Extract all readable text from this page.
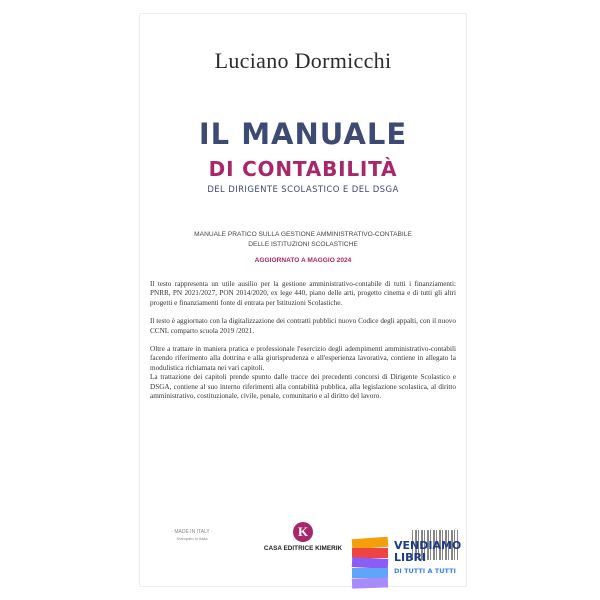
Luciano Dormicchi
IL MANUALE
DI CONTABILITÀ
DEL DIRIGENTE SCOLASTICO E DEL DSGA
MANUALE PRATICO SULLA GESTIONE AMMINISTRATIVO-CONTABILE
DELLE ISTITUZIONI SCOLASTICHE
AGGIORNATO A MAGGIO 2024

Il testo rappresenta un utile ausilio per la gestione amministrativo-contabile di tutti i finanziamenti: PNRR, PN 2021/2027, PON 2014/2020, ex lege 440, piano delle arti, progetto cinema e di tutti gli altri progetti e finanziamenti fonte di entrata per Istituzioni Scolastiche.

Il testo è aggiornato con la digitalizzazione dei contratti pubblici nuovo Codice degli appalti, con il nuovo CCNL comparto scuola 2019 /2021.

Oltre a trattare in maniera pratica e professionale l'esercizio degli adempimenti amministrativo-contabili facendo riferimento alla dottrina e alla giurisprudenza e all'esperienza lavorativa, contiene in allegato la modulistica richiamata nei vari capitoli.

La trattazione dei capitoli prende spunto dalle tracce dei precedenti concorsi di Dirigente Scolastico e DSGA, contiene al suo interno riferimenti alla contabilità pubblica, alla legislazione scolastica, al diritto amministrativo, costituzionale, civile, penale, comunitario e al diritto del lavoro.

· MADE IN ITALY ·
Stampato in Italia	K
CASA EDITRICE KIMERIK	VENDIAMO
LIBRI
DI TUTTI A TUTTI
